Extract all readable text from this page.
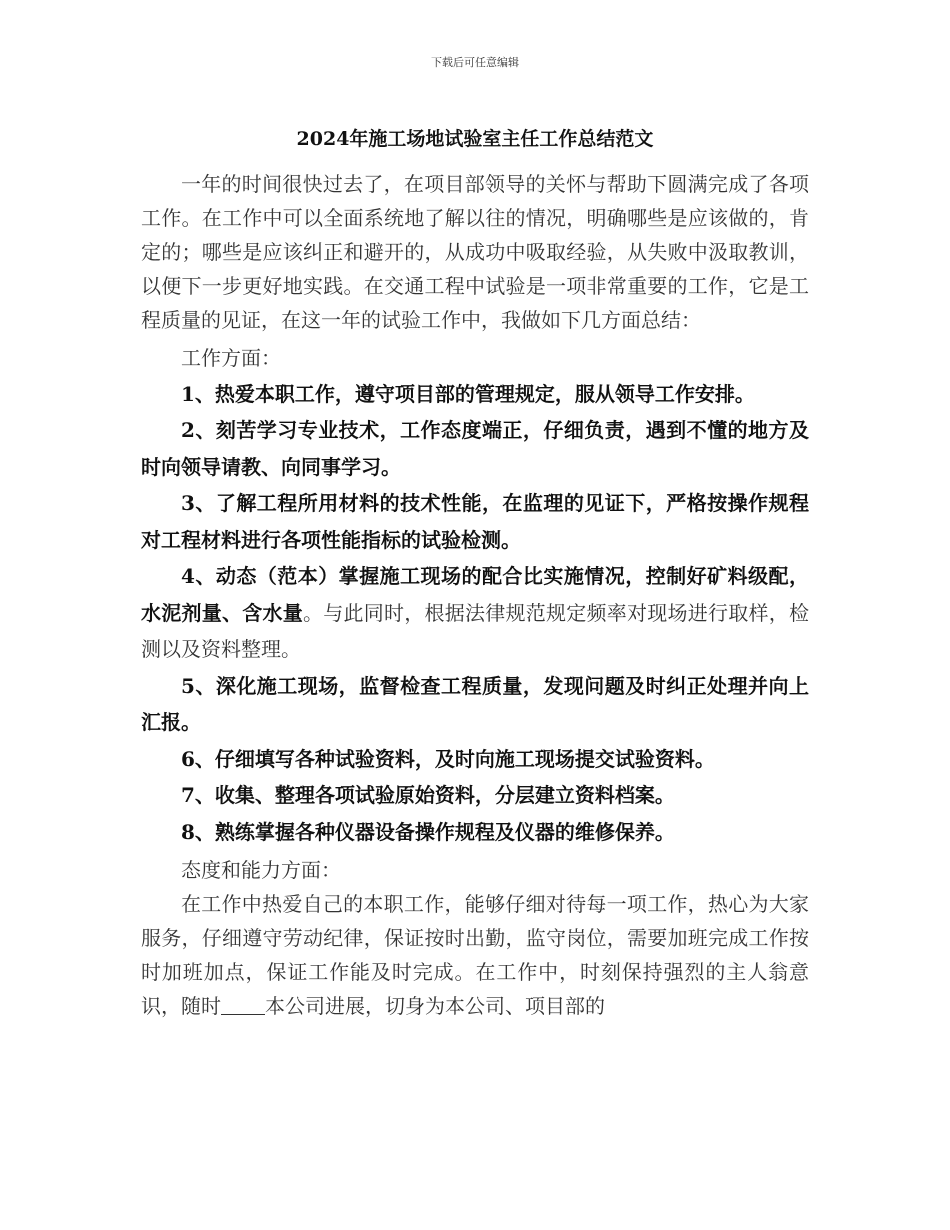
下载后可任意编辑
2024年施工场地试验室主任工作总结范文

一年的时间很快过去了，在项目部领导的关怀与帮助下圆满完成了各项工作。在工作中可以全面系统地了解以往的情况，明确哪些是应该做的，肯定的；哪些是应该纠正和避开的，从成功中吸取经验，从失败中汲取教训，以便下一步更好地实践。在交通工程中试验是一项非常重要的工作，它是工程质量的见证，在这一年的试验工作中，我做如下几方面总结：

工作方面：

1、热爱本职工作，遵守项目部的管理规定，服从领导工作安排。

2、刻苦学习专业技术，工作态度端正，仔细负责，遇到不懂的地方及时向领导请教、向同事学习。

3、了解工程所用材料的技术性能，在监理的见证下，严格按操作规程对工程材料进行各项性能指标的试验检测。

4、动态（范本）掌握施工现场的配合比实施情况，控制好矿料级配，水泥剂量、含水量。与此同时，根据法律规范规定频率对现场进行取样，检测以及资料整理。

5、深化施工现场，监督检查工程质量，发现问题及时纠正处理并向上汇报。

6、仔细填写各种试验资料，及时向施工现场提交试验资料。

7、收集、整理各项试验原始资料，分层建立资料档案。

8、熟练掌握各种仪器设备操作规程及仪器的维修保养。

态度和能力方面：

在工作中热爱自己的本职工作，能够仔细对待每一项工作，热心为大家服务，仔细遵守劳动纪律，保证按时出勤，监守岗位，需要加班完成工作按时加班加点，保证工作能及时完成。在工作中，时刻保持强烈的主人翁意识，随时 本公司进展，切身为本公司、项目部的
